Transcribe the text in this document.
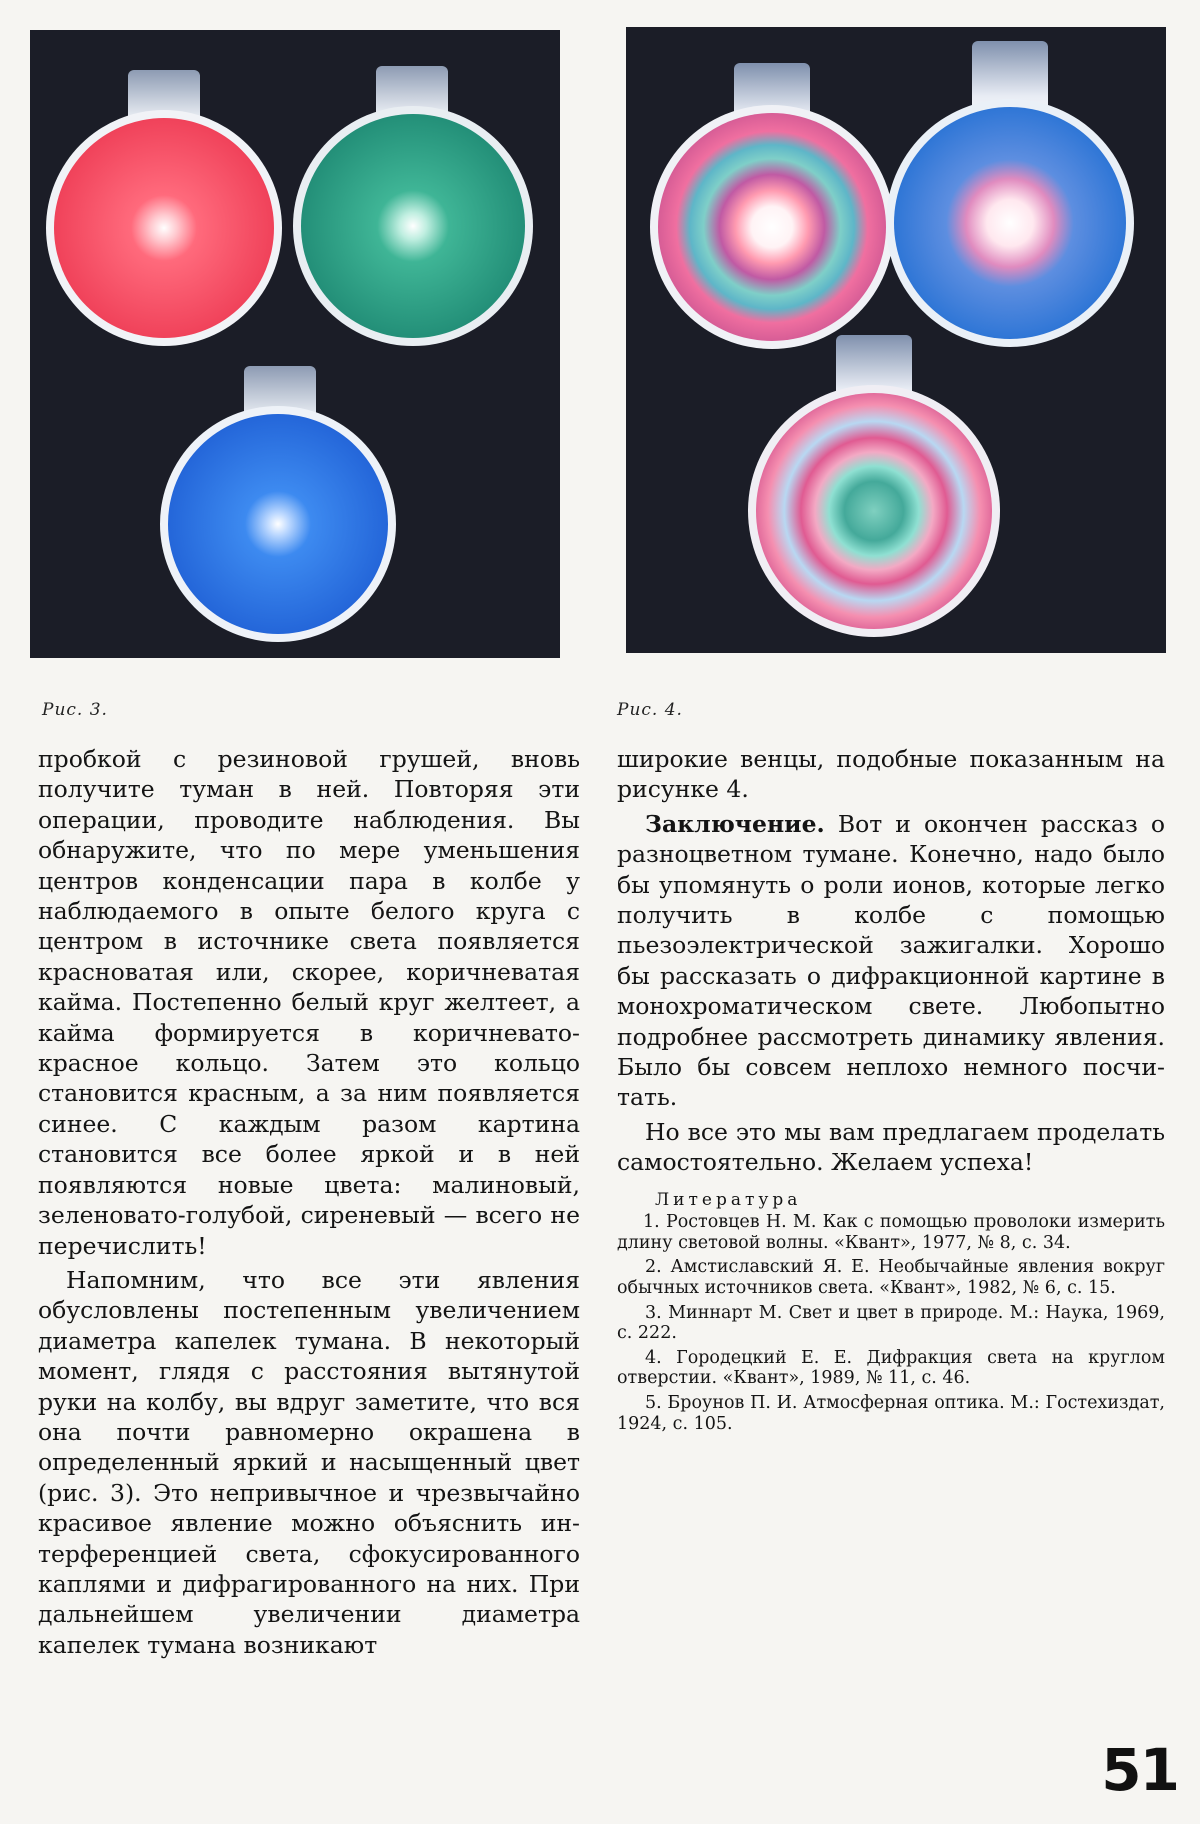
Рис. 3.	Рис. 4.

пробкой с резиновой грушей, вновь получите туман в ней. Повторяя эти операции, проводите наблюдения. Вы обнаружите, что по мере уменьшения центров конденсации пара в колбе у наблюдаемого в опыте белого круга с центром в источнике света появляется красноватая или, скорее, коричневатая кайма. Постепенно белый круг желтеет, а кайма формируется в коричневато-красное кольцо. Затем это кольцо становится красным, а за ним появляется синее. С каждым разом картина становится все более яркой и в ней появляются новые цвета: малиновый, зеленовато-голубой, сиреневый — всего не перечислить!

Напомним, что все эти явления обусловлены постепенным увеличением диаметра капелек тумана. В некоторый момент, глядя с расстояния вытянутой руки на колбу, вы вдруг заметите, что вся она почти равномерно окрашена в определенный яркий и насыщенный цвет (рис. 3). Это непривычное и чрезвычайно красивое явление можно объяснить интерференцией света, сфокусированного каплями и дифрагированного на них. При дальнейшем увеличении диаметра капелек тумана возникают

широкие венцы, подобные показанным на рисунке 4.

Заключение. Вот и окончен рассказ о разноцветном тумане. Конечно, надо было бы упомянуть о роли ионов, которые легко получить в колбе с помощью пьезоэлектрической зажигалки. Хорошо бы рассказать о дифракционной картине в монохроматическом свете. Любопытно подробнее рассмотреть динамику явления. Было бы совсем неплохо немного посчитать.

Но все это мы вам предлагаем проделать самостоятельно. Желаем успеха!

Литература

1. Ростовцев Н. М. Как с помощью проволоки измерить длину световой волны. «Квант», 1977, № 8, с. 34.

2. Амстиславский Я. Е. Необычайные явления вокруг обычных источников света. «Квант», 1982, № 6, с. 15.

3. Миннарт М. Свет и цвет в природе. М.: Наука, 1969, с. 222.

4. Городецкий Е. Е. Дифракция света на круглом отверстии. «Квант», 1989, № 11, с. 46.

5. Броунов П. И. Атмосферная оптика. М.: Гостехиздат, 1924, с. 105.

51
